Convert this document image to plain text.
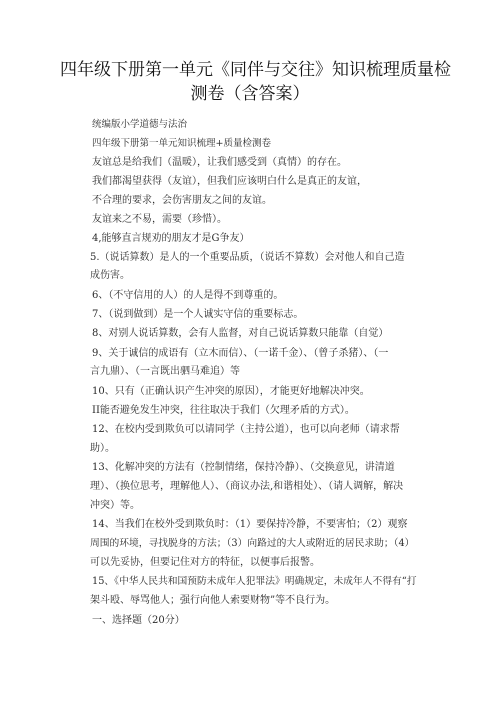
四年级下册第一单元《同伴与交往》知识梳理质量检
测卷（含答案）
统编版小学道德与法治
四年级下册第一单元知识梳理+质量检测卷
友谊总是给我们（温暖），让我们感受到（真情）的存在。
我们都渴望获得（友谊），但我们应该明白什么是真正的友谊，
不合理的要求，会伤害朋友之间的友谊。
友谊来之不易，需要（珍惜）。
4,能够直言规劝的朋友才是G争友）
5.（说话算数）是人的一个重要品质，（说话不算数）会对他人和自己造
成伤害。
6、（不守信用的人）的人是得不到尊重的。
7、（说到做到）是一个人诚实守信的重要标志。
8、对别人说话算数，会有人监督，对自己说话算数只能靠（自觉）
9、关于诚信的成语有（立木而信）、（一诺千金）、（曾子杀猪）、（一
言九鼎）、（一言既出驷马难追）等
10、只有（正确认识产生冲突的原因），才能更好地解决冲突。
II能否避免发生冲突，往往取决于我们（欠理矛盾的方式）。
12、在校内受到欺负可以请同学（主持公道），也可以向老师（请求帮
助）。
13、化解冲突的方法有（控制情绪，保持冷静）、（交换意见，讲清道
理）、（换位思考，理解他人）、（商议办法,和谐相处）、（请人调解，解决
冲突）等。
14、当我们在校外受到欺负时：（1）要保持冷静，不要害怕；（2）观察
周围的环境，寻找脱身的方法；（3）向路过的大人或附近的居民求助；（4）
可以先妥协，但要记住对方的特征，以便事后报警。
15、《中华人民共和国预防未成年人犯罪法》明确规定，未成年人不得有“打
架斗殴、辱骂他人；强行向他人索要财物”等不良行为。
一、选择题（20分）
